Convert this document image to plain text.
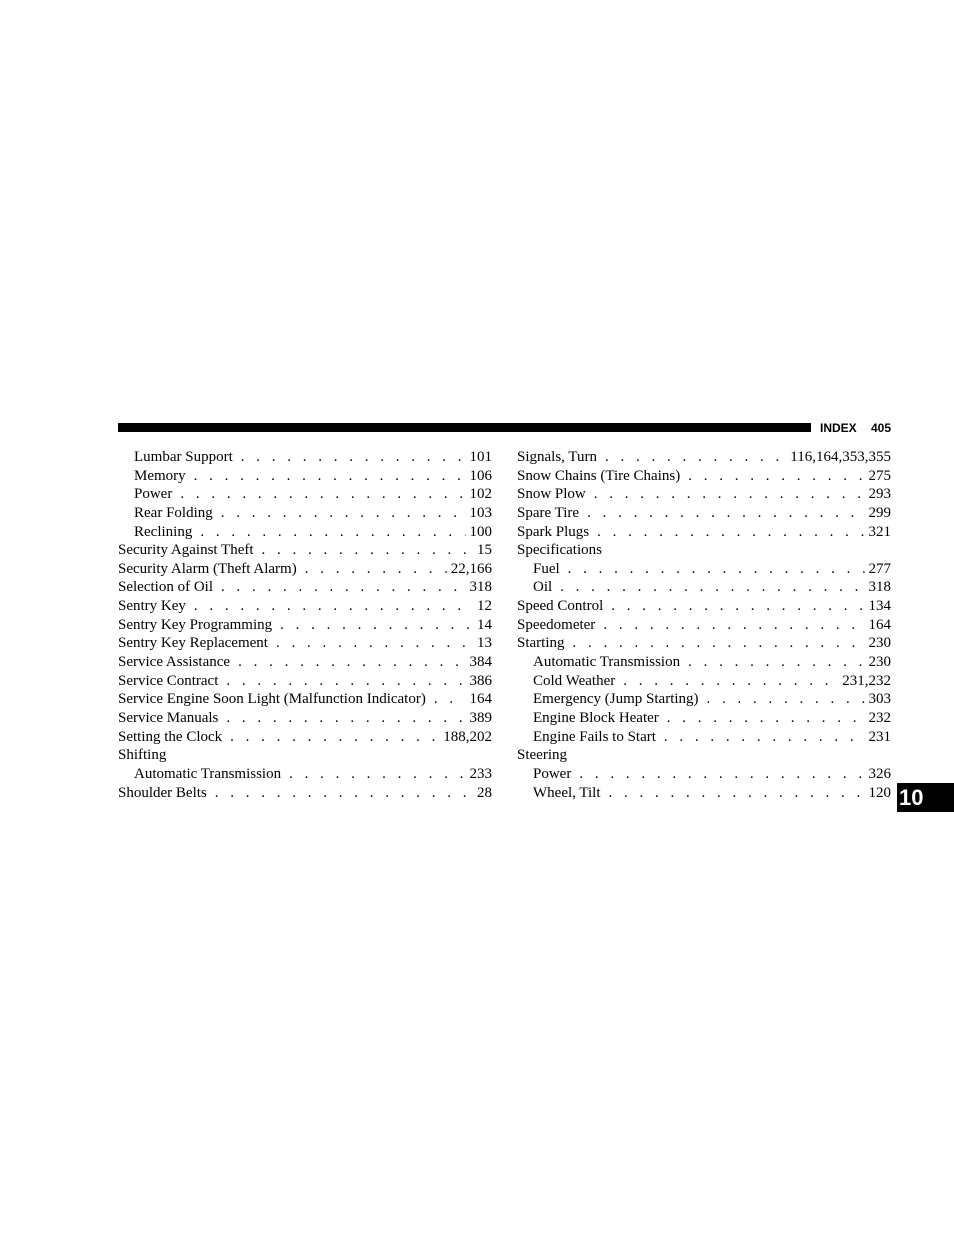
INDEX 405
Lumbar Support . . .	101
Memory . . .	106
Power . . .	102
Rear Folding . . .	103
Reclining . . .	100
Security Against Theft . . .	15
Security Alarm (Theft Alarm) . . .	22,166
Selection of Oil . . .	318
Sentry Key . . .	12
Sentry Key Programming . . .	14
Sentry Key Replacement . . .	13
Service Assistance . . .	384
Service Contract . . .	386
Service Engine Soon Light (Malfunction Indicator) . . .	164
Service Manuals . . .	389
Setting the Clock . . .	188,202
Shifting
Automatic Transmission . . .	233
Shoulder Belts . . .	28
Signals, Turn . . .	116,164,353,355
Snow Chains (Tire Chains) . . .	275
Snow Plow . . .	293
Spare Tire . . .	299
Spark Plugs . . .	321
Specifications
Fuel . . .	277
Oil . . .	318
Speed Control . . .	134
Speedometer . . .	164
Starting . . .	230
Automatic Transmission . . .	230
Cold Weather . . .	231,232
Emergency (Jump Starting) . . .	303
Engine Block Heater . . .	232
Engine Fails to Start . . .	231
Steering
Power . . .	326
Wheel, Tilt . . .	120 10
